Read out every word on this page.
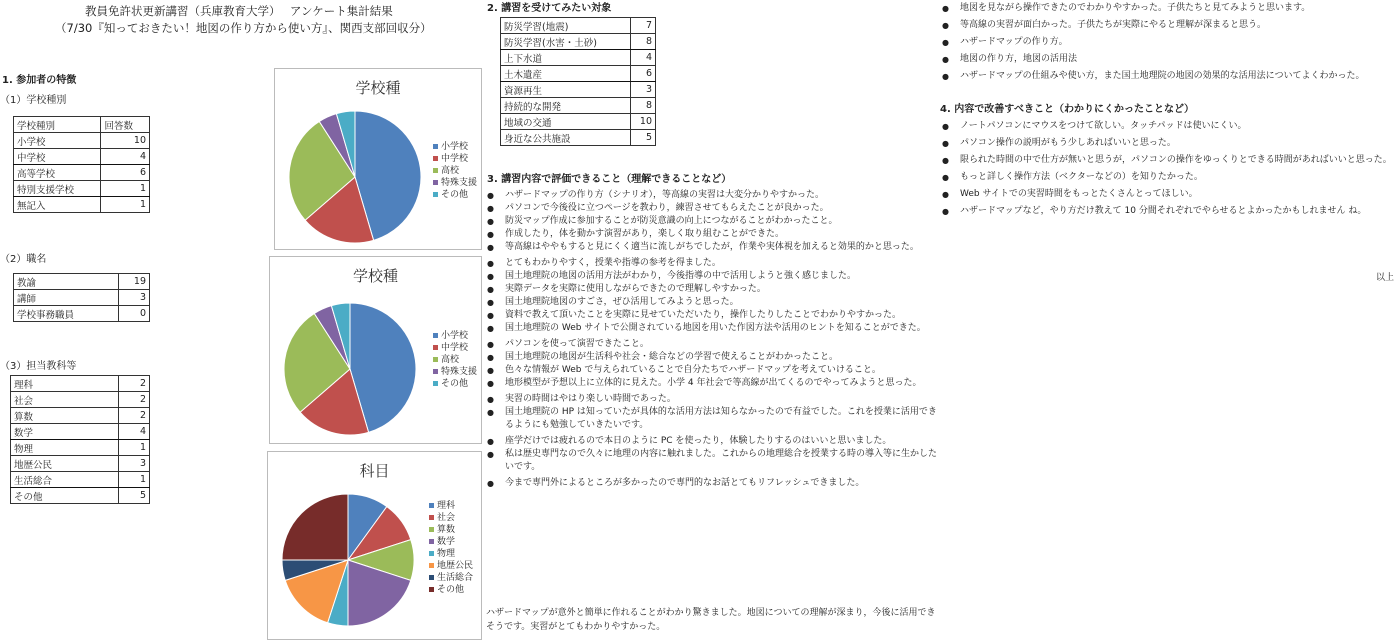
教員免許状更新講習（兵庫教育大学）　 アンケート集計結果
（7/30『知っておきたい！地図の作り方から使い方』、関西支部回収分）
1. 参加者の特徴
（1）学校種別
学校種別	回答数
小学校	10
中学校	4
高等学校	6
特別支援学校	1
無記入	1
（2）職名
教諭	19
講師	3
学校事務職員	0
（3）担当教科等
理科	2
社会	2
算数	2
数学	4
物理	1
地歴公民	3
生活総合	1
その他	5
学校種
小学校
中学校
高校
特殊支援
その他
学校種
小学校
中学校
高校
特殊支援
その他
科目
理科
社会
算数
数学
物理
地歴公民
生活総合
その他
2. 講習を受けてみたい対象
防災学習(地震)	7
防災学習(水害・土砂)	8
上下水道	4
土木遺産	6
資源再生	3
持続的な開発	8
地域の交通	10
身近な公共施設	5
3. 講習内容で評価できること（理解できることなど）
● ハザードマップの作り方（シナリオ），等高線の実習は大変分かりやすかった。
● パソコンで今後役に立つページを教わり，練習させてもらえたことが良かった。
● 防災マップ作成に参加することが防災意識の向上につながることがわかったこと。
● 作成したり，体を動かす演習があり，楽しく取り組むことができた。
● 等高線はややもすると見にくく適当に流しがちでしたが，作業や実体視を加えると効果的かと思った。
● とてもわかりやすく，授業や指導の参考を得ました。
● 国土地理院の地図の活用方法がわかり，今後指導の中で活用しようと強く感じました。
● 実際データを実際に使用しながらできたので理解しやすかった。
● 国土地理院地図のすごさ，ぜひ活用してみようと思った。
● 資料で教えて頂いたことを実際に見せていただいたり，操作したりしたことでわかりやすかった。
● 国土地理院の Web サイトで公開されている地図を用いた作図方法や活用のヒントを知ることができた。
● パソコンを使って演習できたこと。
● 国土地理院の地図が生活科や社会・総合などの学習で使えることがわかったこと。
● 色々な情報が Web で与えられていることで自分たちでハザードマップを考えていけること。
● 地形模型が予想以上に立体的に見えた。小学 4 年社会で等高線が出てくるのでやってみようと思った。
● 実習の時間はやはり楽しい時間であった。
● 国土地理院の HP は知っていたが具体的な活用方法は知らなかったので有益でした。これを授業に活用できるようにも勉強していきたいです。
● 座学だけでは疲れるので本日のように PC を使ったり，体験したりするのはいいと思いました。
● 私は歴史専門なので久々に地理の内容に触れました。これからの地理総合を授業する時の導入等に生かしたいです。
● 今まで専門外によるところが多かったので専門的なお話とてもリフレッシュできました。
ハザードマップが意外と簡単に作れることがわかり驚きました。地図についての理解が深まり，今後に活用できそうです。実習がとてもわかりやすかった。
● 地図を見ながら操作できたのでわかりやすかった。子供たちと見てみようと思います。
● 等高線の実習が面白かった。子供たちが実際にやると理解が深まると思う。
● ハザードマップの作り方。
● 地図の作り方，地図の活用法
● ハザードマップの仕組みや使い方，また国土地理院の地図の効果的な活用法についてよくわかった。
4. 内容で改善すべきこと（わかりにくかったことなど）
● ノートパソコンにマウスをつけて欲しい。タッチパッドは使いにくい。
● パソコン操作の説明がもう少しあればいいと思った。
● 限られた時間の中で仕方が無いと思うが，パソコンの操作をゆっくりとできる時間があればいいと思った。
● もっと詳しく操作方法（ベクターなどの）を知りたかった。
● Web サイトでの実習時間をもっとたくさんとってほしい。
● ハザードマップなど，やり方だけ教えて 10 分間それぞれでやらせるとよかったかもしれません ね。
以上
